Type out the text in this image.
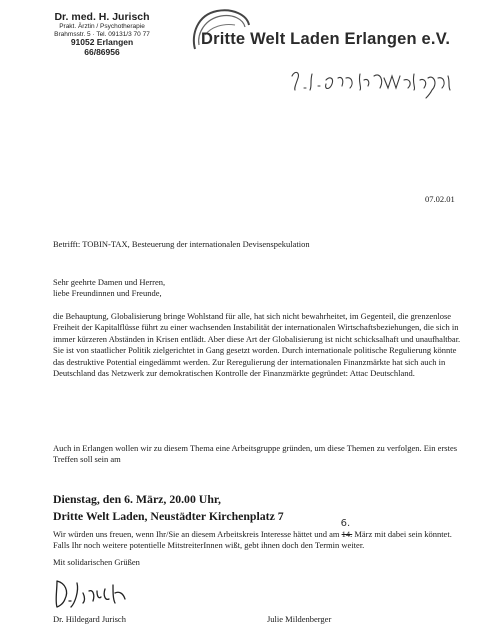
Dr. med. H. Jurisch
Prakt. Ärztin / Psychotherapie
Brahmsstr. 5 · Tel. 09131/3 70 77
91052 Erlangen
66/86956
Dritte Welt Laden Erlangen e.V.
07.02.01
Betrifft: TOBIN-TAX, Besteuerung der internationalen Devisenspekulation

Sehr geehrte Damen und Herren,

liebe Freundinnen und Freunde,

die Behauptung, Globalisierung bringe Wohlstand für alle, hat sich nicht bewahrheitet, im Gegenteil, die grenzenlose Freiheit der Kapitalflüsse führt zu einer wachsenden Instabilität der internationalen Wirtschaftsbeziehungen, die sich in immer kürzeren Abständen in Krisen entlädt. Aber diese Art der Globalisierung ist nicht schicksalhaft und unaufhaltbar. Sie ist von staatlicher Politik zielgerichtet in Gang gesetzt worden. Durch internationale politische Regulierung könnte das destruktive Potential eingedämmt werden. Zur Reregulierung der internationalen Finanzmärkte hat sich auch in Deutschland das Netzwerk zur demokratischen Kontrolle der Finanzmärkte gegründet: Attac Deutschland.

Auch in Erlangen wollen wir zu diesem Thema eine Arbeitsgruppe gründen, um diese Themen zu verfolgen. Ein erstes Treffen soll sein am

Dienstag, den 6. März, 20.00 Uhr,
Dritte Welt Laden, Neustädter Kirchenplatz 7

Wir würden uns freuen, wenn Ihr/Sie an diesem Arbeitskreis Interesse hättet und am 14.
6.
März mit dabei sein könntet. Falls Ihr noch weitere potentielle MitstreiterInnen wißt, gebt ihnen doch den Termin weiter.

Mit solidarischen Grüßen
Dr. Hildegard Jurisch	Julie Mildenberger
